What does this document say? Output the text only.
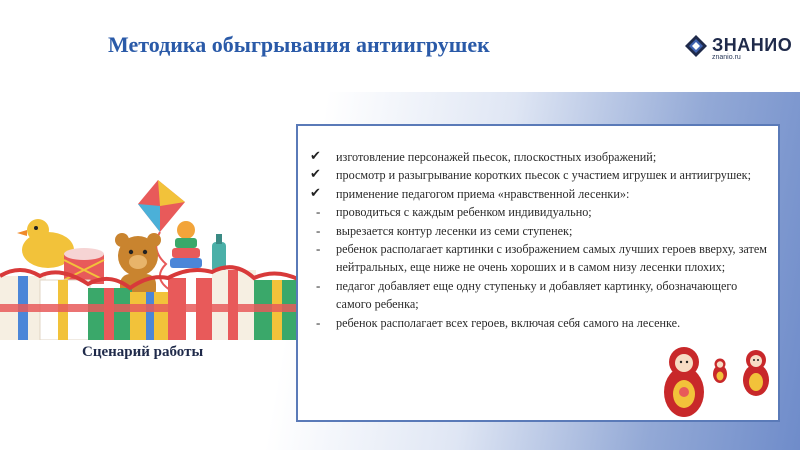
Методика обыгрывания антиигрушек	ЗНАНИО
znanio.ru
Сценарий работы
✔	изготовление персонажей пьесок, плоскостных изображений;
✔	просмотр и разыгрывание коротких пьесок с участием игрушек и антиигрушек;
✔	применение педагогом приема «нравственной лесенки»:
-	проводиться с каждым ребенком индивидуально;
-	вырезается контур лесенки из семи ступенек;
-	ребенок располагает картинки с изображением самых лучших героев вверху, затем нейтральных, еще ниже не очень хороших и в самом низу лесенки плохих;
-	педагог добавляет еще одну ступеньку и добавляет картинку, обозначающего самого ребенка;
-	ребенок располагает всех героев, включая себя самого на лесенке.
